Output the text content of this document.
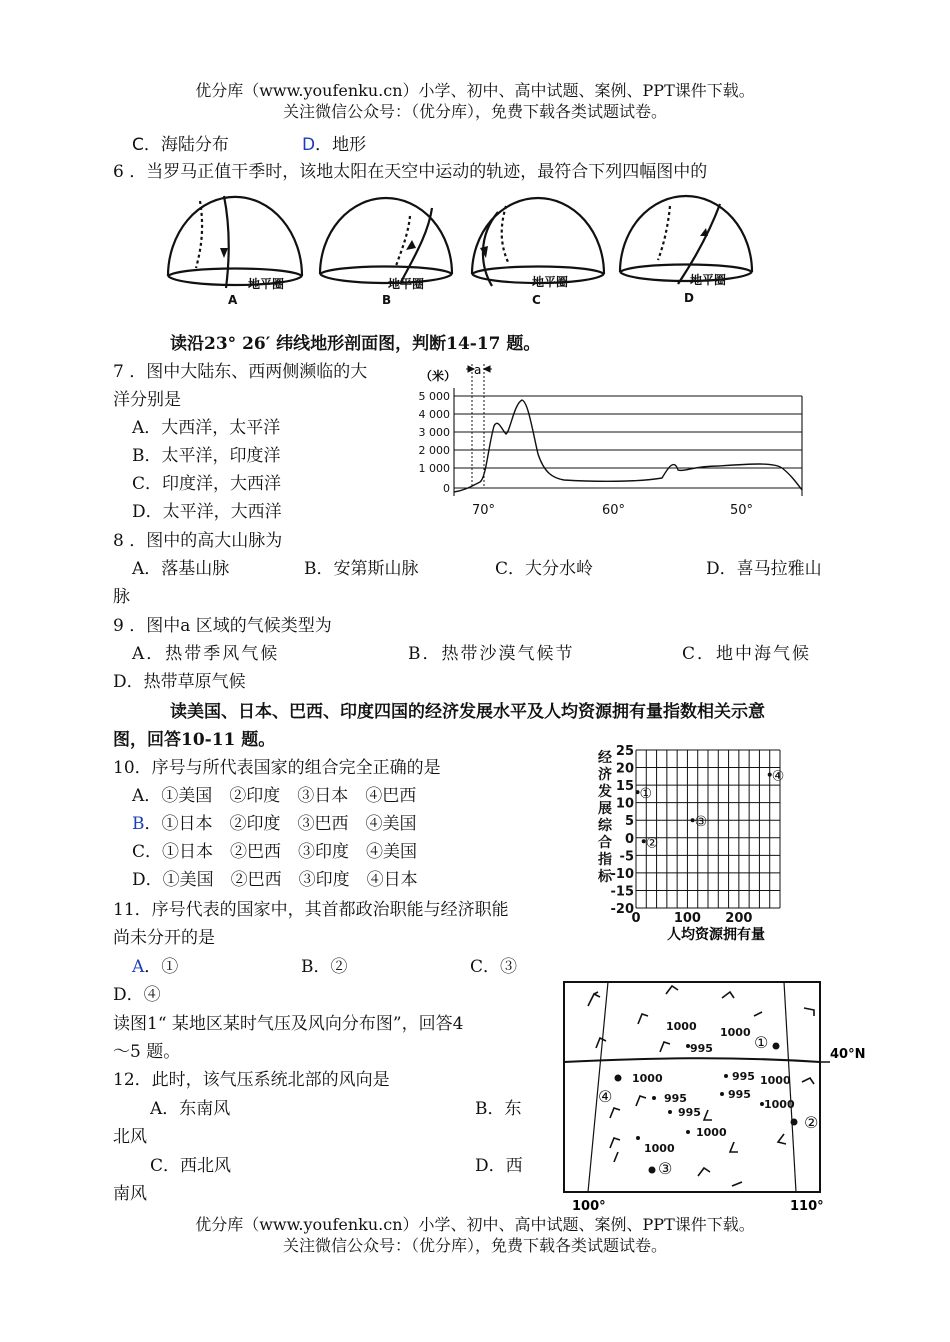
优分库（www.youfenku.cn）小学、初中、高中试题、案例、PPT课件下载。
关注微信公众号：（优分库），免费下载各类试题试卷。
C．海陆分布	D．地形
6 ．当罗马正值干季时，该地太阳在天空中运动的轨迹，最符合下列四幅图中的
地平圈	地平圈	地平圈	地平圈
A	B	C	D
读沿23° 26′ 纬线地形剖面图，判断14-17 题。
7 ．图中大陆东、西两侧濒临的大
洋分别是
A．大西洋，太平洋
B．太平洋，印度洋
C．印度洋，大西洋
D．太平洋，大西洋
（米） a
5 000
4 000
3 000
2 000
1 000
0
70°	60°	50°
8 ．图中的高大山脉为
A．落基山脉	B．安第斯山脉	C．大分水岭	D．喜马拉雅山
脉
9 ．图中a 区域的气候类型为
A．热带季风气候	B．热带沙漠气候节	C．地中海气候
D．热带草原气候
读美国、日本、巴西、印度四国的经济发展水平及人均资源拥有量指数相关示意
图，回答10-11 题。
10．序号与所代表国家的组合完全正确的是
A．①美国　②印度　③日本　④巴西
B．①日本　②印度　③巴西　④美国
C．①日本　②巴西　③印度　④美国
D．①美国　②巴西　③印度　④日本
经
济
发
展
综
合
指
标
25
20
15
10
5
0
-5
-10
-15
-20
①
②
③
④
0	100 200
人均资源拥有量
11．序号代表的国家中，其首都政治职能与经济职能
尚未分开的是
A．①	B．②	C．③
D．④
读图1“ 某地区某时气压及风向分布图”，回答4
～5 题。
12．此时，该气压系统北部的风向是
A．东南风	B．东
北风
C．西北风	D．西
南风
40°N
100°	110°
1000 1000
995
1000	995 1000
995
995
995
1000
1000
1000
①
②
③
④
优分库（www.youfenku.cn）小学、初中、高中试题、案例、PPT课件下载。
关注微信公众号：（优分库），免费下载各类试题试卷。
